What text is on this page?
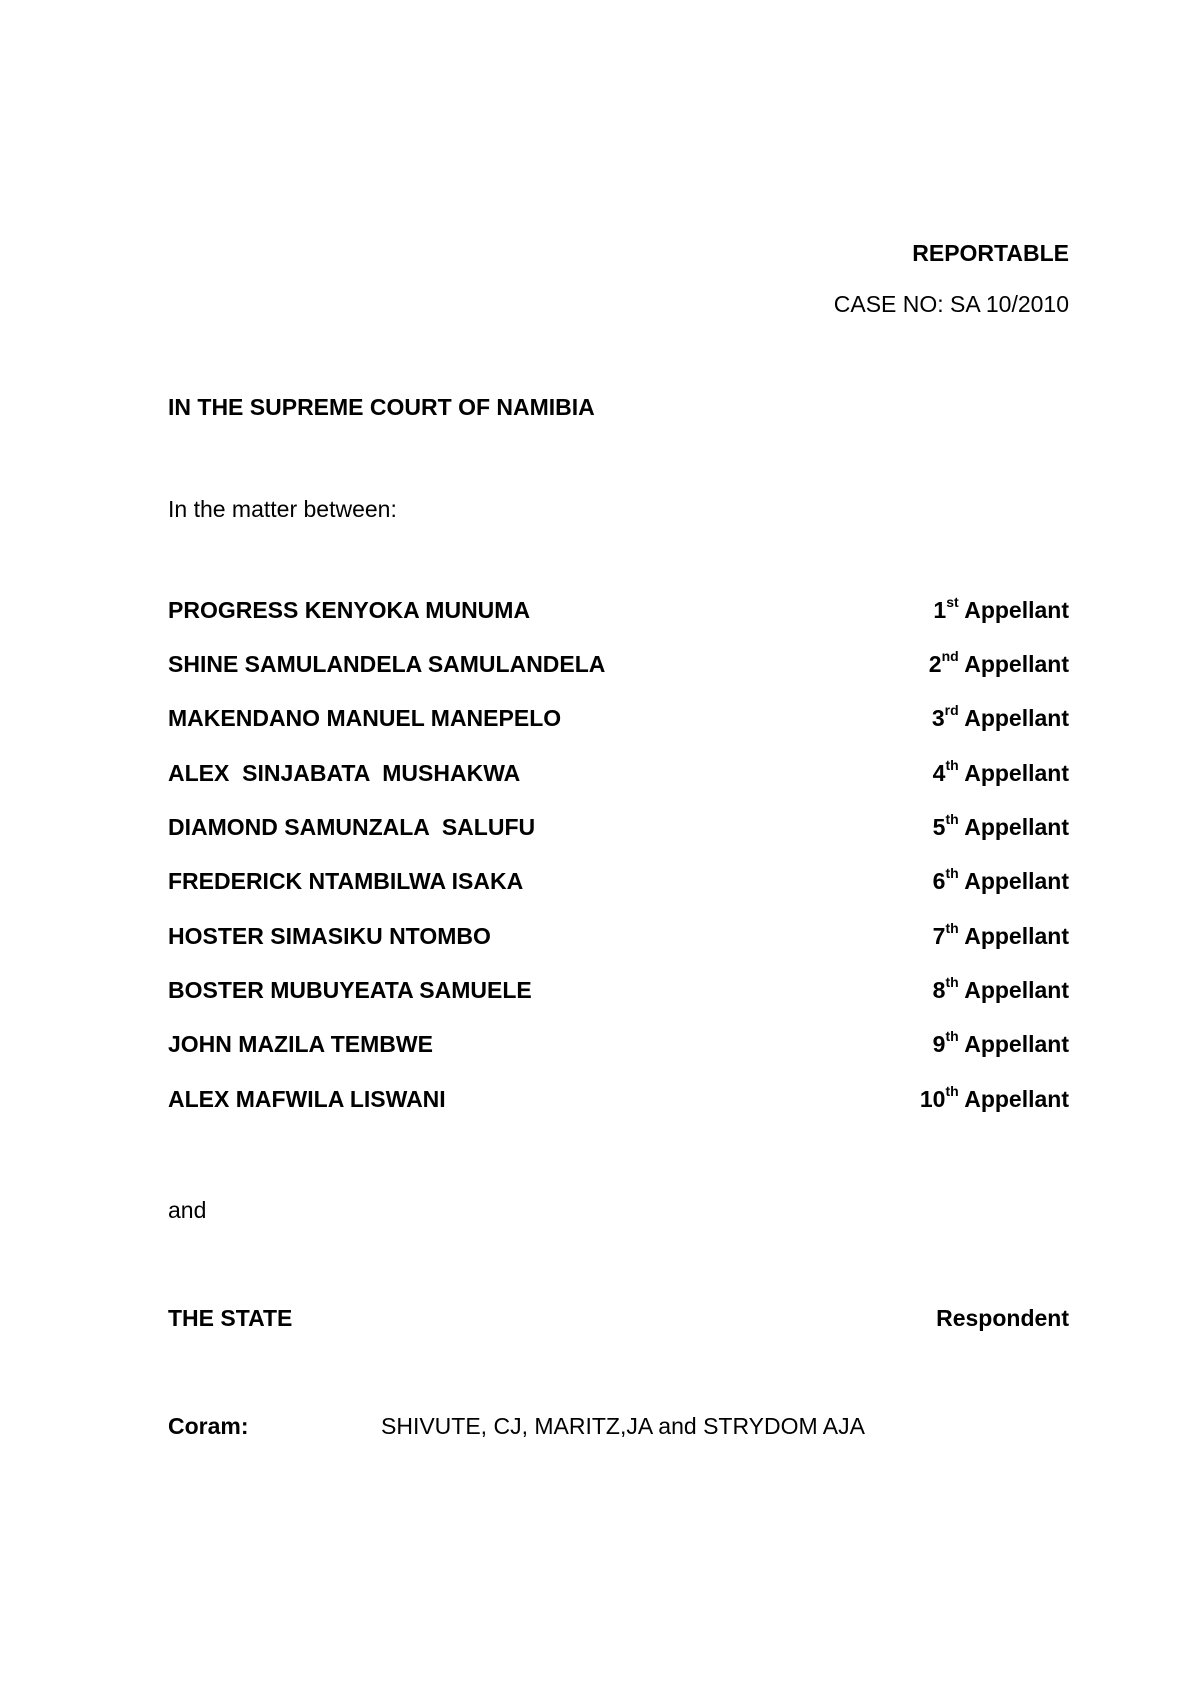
REPORTABLE
CASE NO: SA 10/2010
IN THE SUPREME COURT OF NAMIBIA
In the matter between:
PROGRESS KENYOKA MUNUMA	1st Appellant
SHINE SAMULANDELA SAMULANDELA	2nd Appellant
MAKENDANO MANUEL MANEPELO	3rd Appellant
ALEX  SINJABATA  MUSHAKWA	4th Appellant
DIAMOND SAMUNZALA  SALUFU	5th Appellant
FREDERICK NTAMBILWA ISAKA	6th Appellant
HOSTER SIMASIKU NTOMBO	7th Appellant
BOSTER MUBUYEATA SAMUELE	8th Appellant
JOHN MAZILA TEMBWE	9th Appellant
ALEX MAFWILA LISWANI	10th Appellant
and
THE STATE	Respondent
Coram:	SHIVUTE, CJ, MARITZ,JA and STRYDOM AJA
